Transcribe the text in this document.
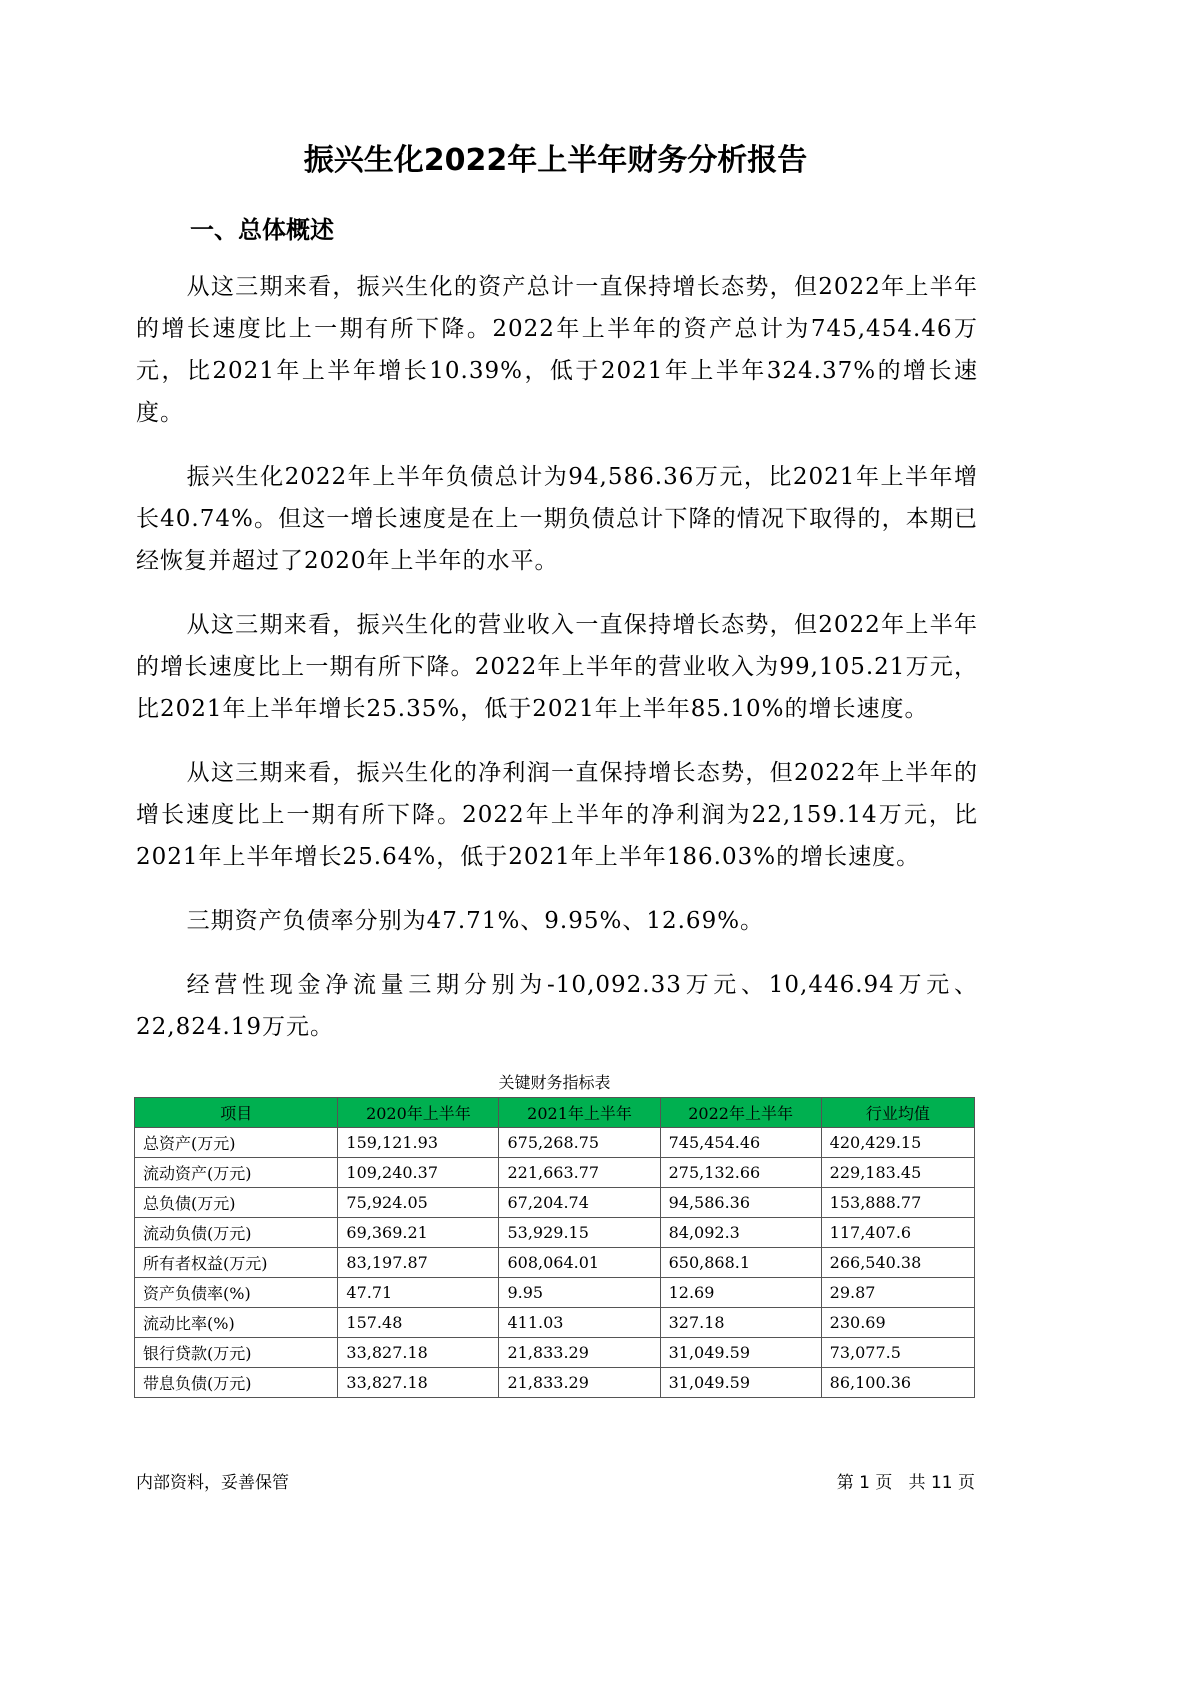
振兴生化2022年上半年财务分析报告
一、总体概述

从这三期来看，振兴生化的资产总计一直保持增长态势，但2022年上半年的增长速度比上一期有所下降。2022年上半年的资产总计为745,454.46万元，比2021年上半年增长10.39%，低于2021年上半年324.37%的增长速度。

振兴生化2022年上半年负债总计为94,586.36万元，比2021年上半年增长40.74%。但这一增长速度是在上一期负债总计下降的情况下取得的，本期已经恢复并超过了2020年上半年的水平。

从这三期来看，振兴生化的营业收入一直保持增长态势，但2022年上半年的增长速度比上一期有所下降。2022年上半年的营业收入为99,105.21万元，比2021年上半年增长25.35%，低于2021年上半年85.10%的增长速度。

从这三期来看，振兴生化的净利润一直保持增长态势，但2022年上半年的增长速度比上一期有所下降。2022年上半年的净利润为22,159.14万元，比2021年上半年增长25.64%，低于2021年上半年186.03%的增长速度。

三期资产负债率分别为47.71%、9.95%、12.69%。

经营性现金净流量三期分别为-10,092.33万元、10,446.94万元、22,824.19万元。

关键财务指标表
项目	2020年上半年	2021年上半年	2022年上半年	行业均值
总资产(万元)	159,121.93	675,268.75	745,454.46	420,429.15
流动资产(万元)	109,240.37	221,663.77	275,132.66	229,183.45
总负债(万元)	75,924.05	67,204.74	94,586.36	153,888.77
流动负债(万元)	69,369.21	53,929.15	84,092.3	117,407.6
所有者权益(万元)	83,197.87	608,064.01	650,868.1	266,540.38
资产负债率(%)	47.71	9.95	12.69	29.87
流动比率(%)	157.48	411.03	327.18	230.69
银行贷款(万元)	33,827.18	21,833.29	31,049.59	73,077.5
带息负债(万元)	33,827.18	21,833.29	31,049.59	86,100.36
内部资料，妥善保管	第 1 页   共 11 页
